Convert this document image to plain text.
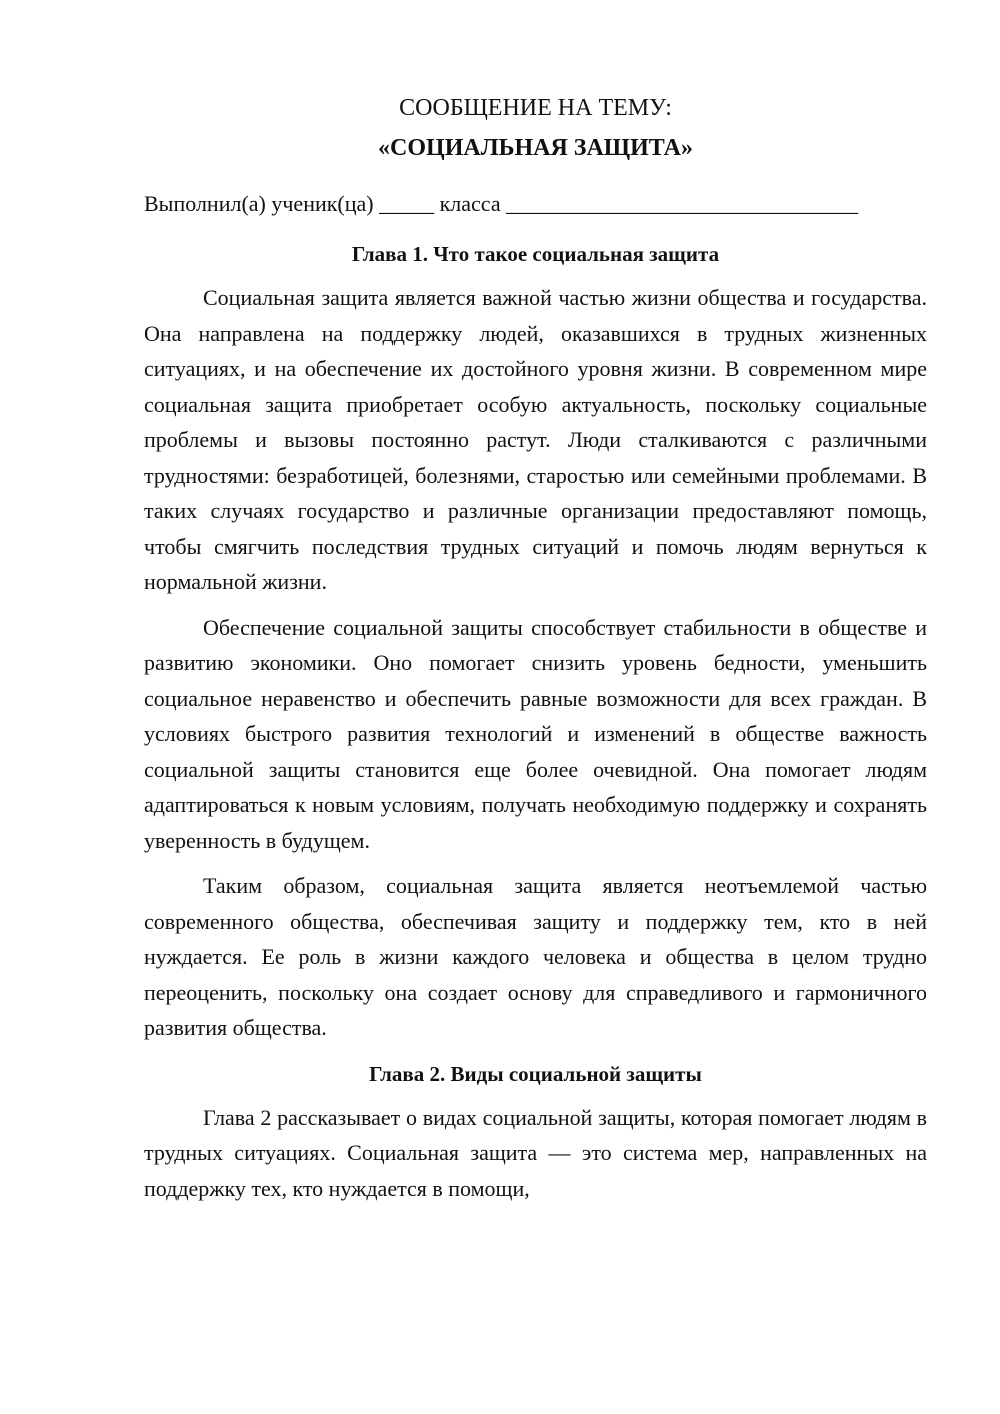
СООБЩЕНИЕ НА ТЕМУ:
«СОЦИАЛЬНАЯ ЗАЩИТА»

Выполнил(а) ученик(ца) _____ класса ________________________________

Глава 1. Что такое социальная защита

Социальная защита является важной частью жизни общества и государства. Она направлена на поддержку людей, оказавшихся в трудных жизненных ситуациях, и на обеспечение их достойного уровня жизни. В современном мире социальная защита приобретает особую актуальность, поскольку социальные проблемы и вызовы постоянно растут. Люди сталкиваются с различными трудностями: безработицей, болезнями, старостью или семейными проблемами. В таких случаях государство и различные организации предоставляют помощь, чтобы смягчить последствия трудных ситуаций и помочь людям вернуться к нормальной жизни.

Обеспечение социальной защиты способствует стабильности в обществе и развитию экономики. Оно помогает снизить уровень бедности, уменьшить социальное неравенство и обеспечить равные возможности для всех граждан. В условиях быстрого развития технологий и изменений в обществе важность социальной защиты становится еще более очевидной. Она помогает людям адаптироваться к новым условиям, получать необходимую поддержку и сохранять уверенность в будущем.

Таким образом, социальная защита является неотъемлемой частью современного общества, обеспечивая защиту и поддержку тем, кто в ней нуждается. Ее роль в жизни каждого человека и общества в целом трудно переоценить, поскольку она создает основу для справедливого и гармоничного развития общества.

Глава 2. Виды социальной защиты

Глава 2 рассказывает о видах социальной защиты, которая помогает людям в трудных ситуациях. Социальная защита — это система мер, направленных на поддержку тех, кто нуждается в помощи,
